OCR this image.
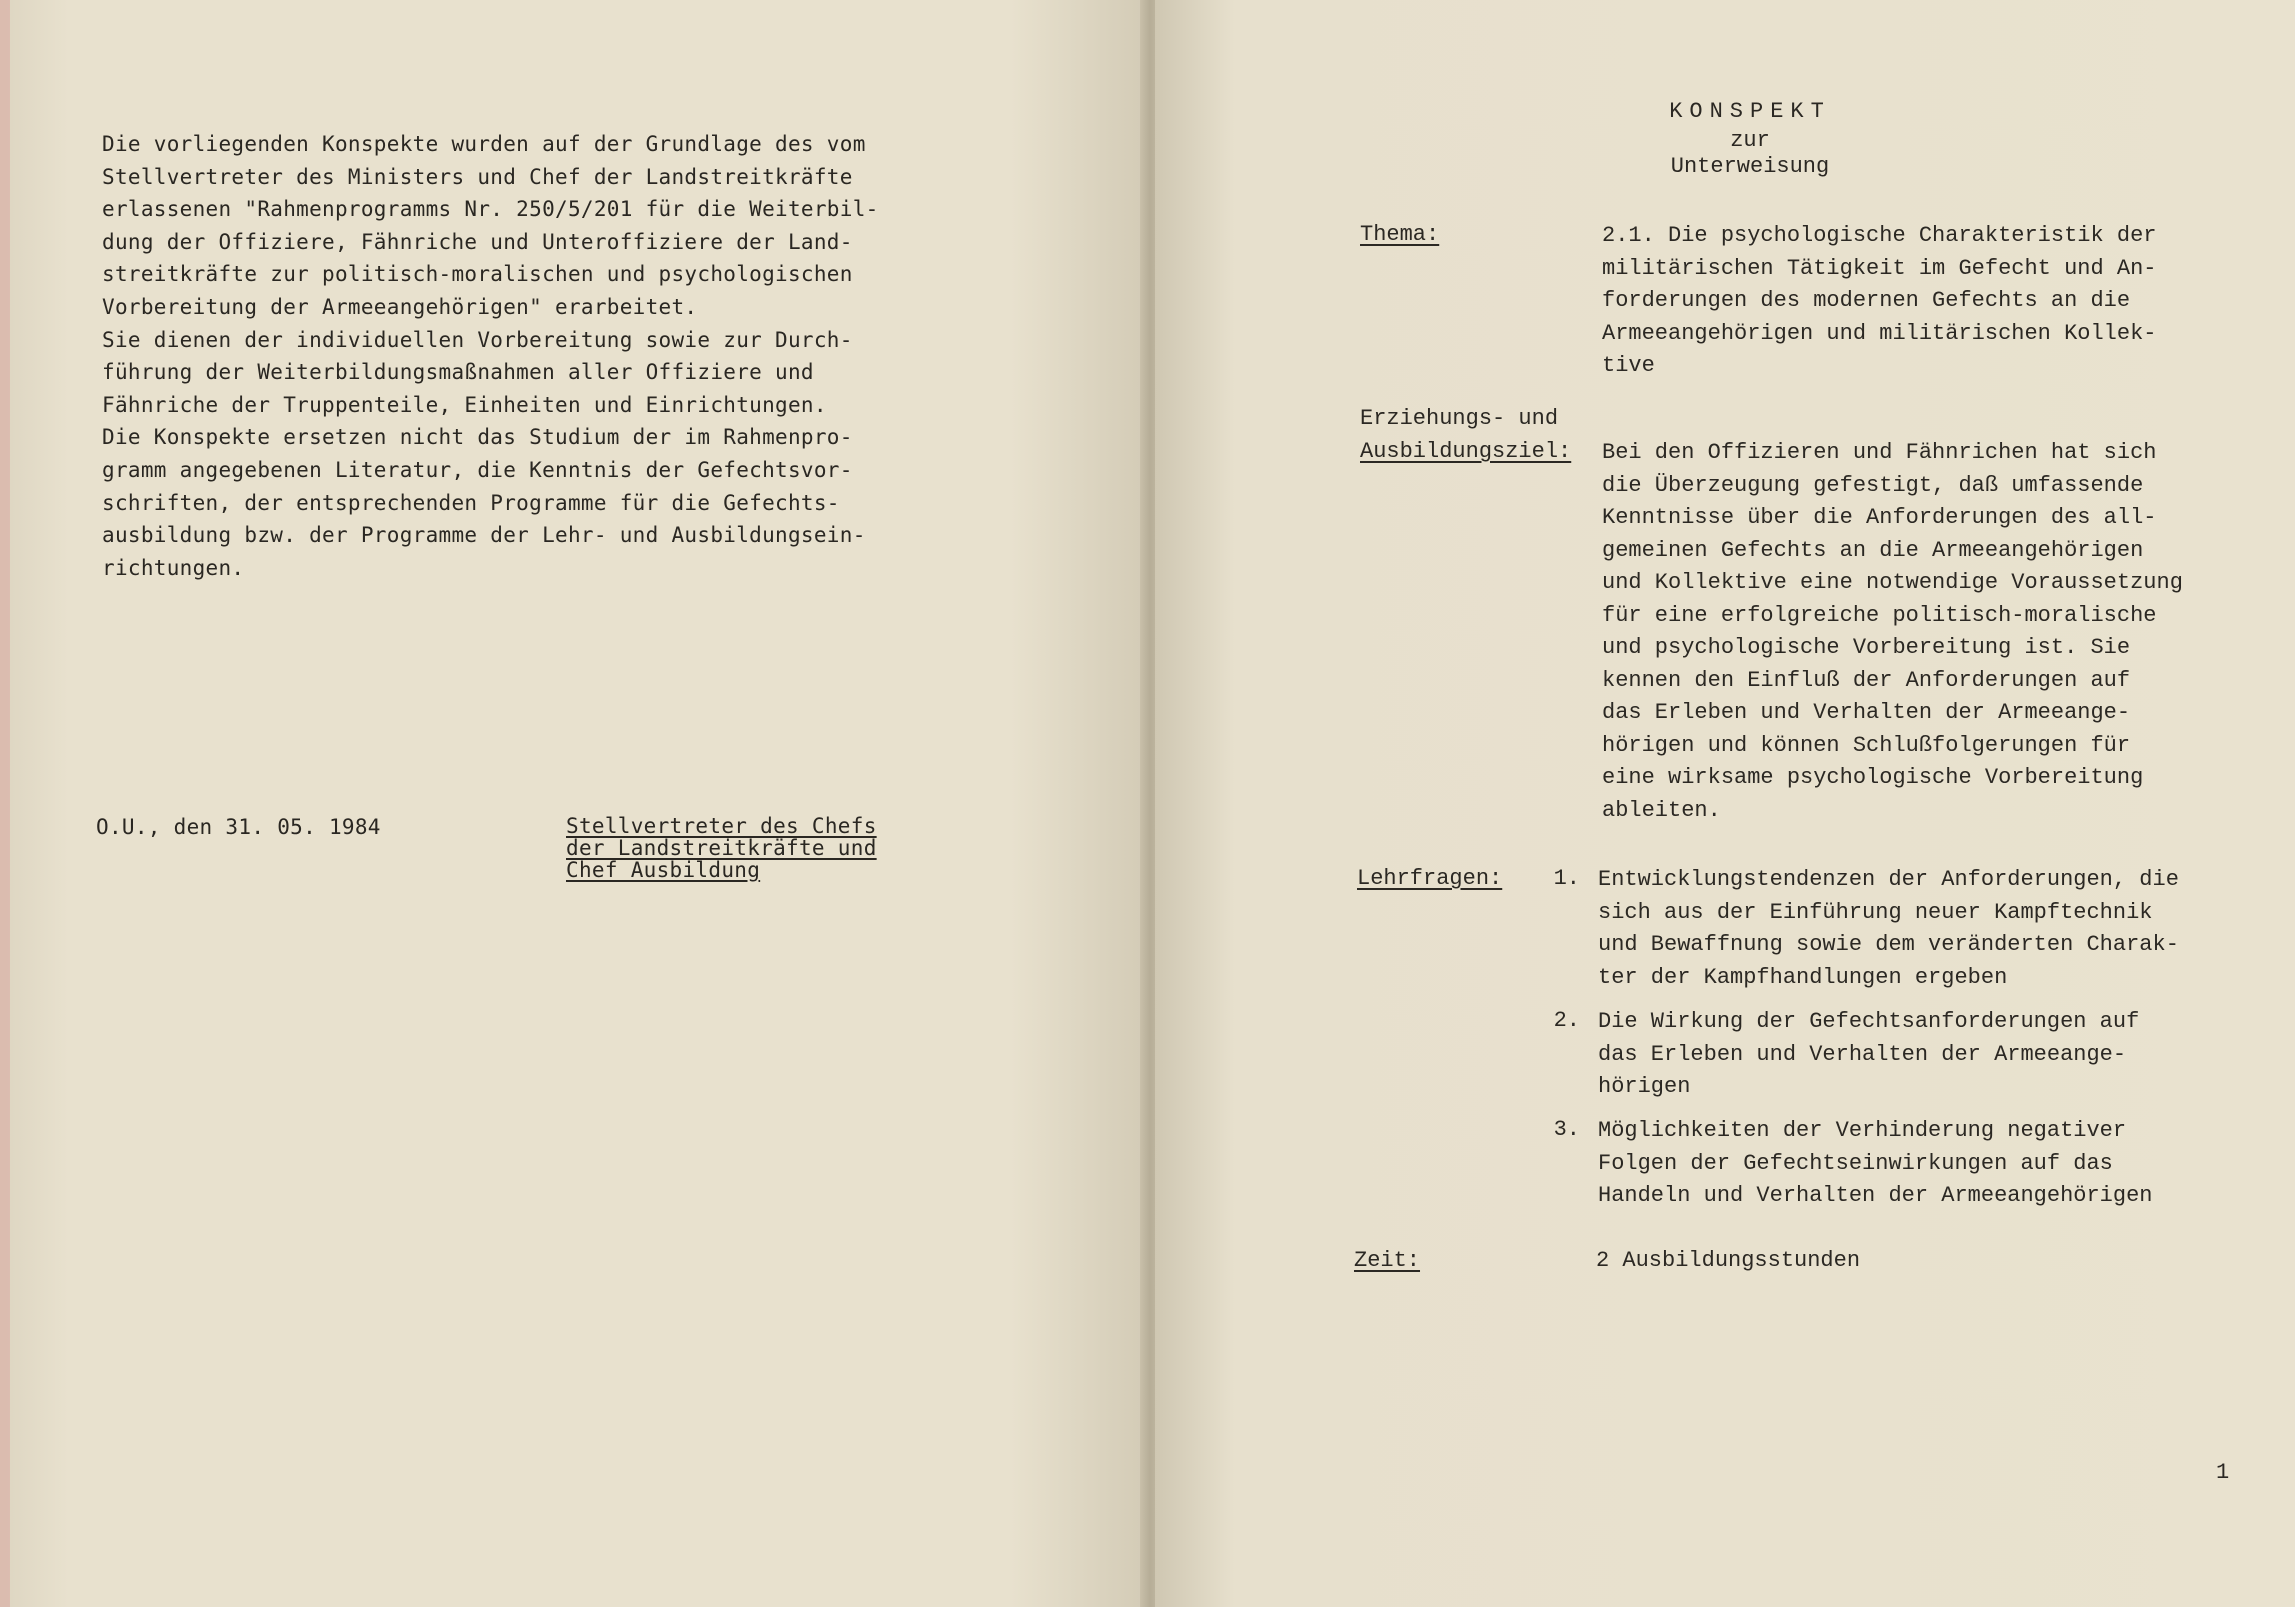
Die vorliegenden Konspekte wurden auf der Grundlage des vom
Stellvertreter des Ministers und Chef der Landstreitkräfte
erlassenen "Rahmenprogramms Nr. 250/5/201 für die Weiterbil-
dung der Offiziere, Fähnriche und Unteroffiziere der Land-
streitkräfte zur politisch-moralischen und psychologischen
Vorbereitung der Armeeangehörigen" erarbeitet.
Sie dienen der individuellen Vorbereitung sowie zur Durch-
führung der Weiterbildungsmaßnahmen aller Offiziere und
Fähnriche der Truppenteile, Einheiten und Einrichtungen.
Die Konspekte ersetzen nicht das Studium der im Rahmenpro-
gramm angegebenen Literatur, die Kenntnis der Gefechtsvor-
schriften, der entsprechenden Programme für die Gefechts-
ausbildung bzw. der Programme der Lehr- und Ausbildungsein-
richtungen.
O.U., den 31. 05. 1984	Stellvertreter des Chefs
der Landstreitkräfte und
Chef Ausbildung
KONSPEKT
zur
Unterweisung
Thema:	2.1. Die psychologische Charakteristik der
militärischen Tätigkeit im Gefecht und An-
forderungen des modernen Gefechts an die
Armeeangehörigen und militärischen Kollek-
tive
Erziehungs- und
Ausbildungsziel: Bei den Offizieren und Fähnrichen hat sich
die Überzeugung gefestigt, daß umfassende
Kenntnisse über die Anforderungen des all-
gemeinen Gefechts an die Armeeangehörigen
und Kollektive eine notwendige Voraussetzung
für eine erfolgreiche politisch-moralische
und psychologische Vorbereitung ist. Sie
kennen den Einfluß der Anforderungen auf
das Erleben und Verhalten der Armeeange-
hörigen und können Schlußfolgerungen für
eine wirksame psychologische Vorbereitung
ableiten.
Lehrfragen:	1. Entwicklungstendenzen der Anforderungen, die
sich aus der Einführung neuer Kampftechnik
und Bewaffnung sowie dem veränderten Charak-
ter der Kampfhandlungen ergeben
2. Die Wirkung der Gefechtsanforderungen auf
das Erleben und Verhalten der Armeeange-
hörigen
3. Möglichkeiten der Verhinderung negativer
Folgen der Gefechtseinwirkungen auf das
Handeln und Verhalten der Armeeangehörigen
Zeit:	2 Ausbildungsstunden
1
